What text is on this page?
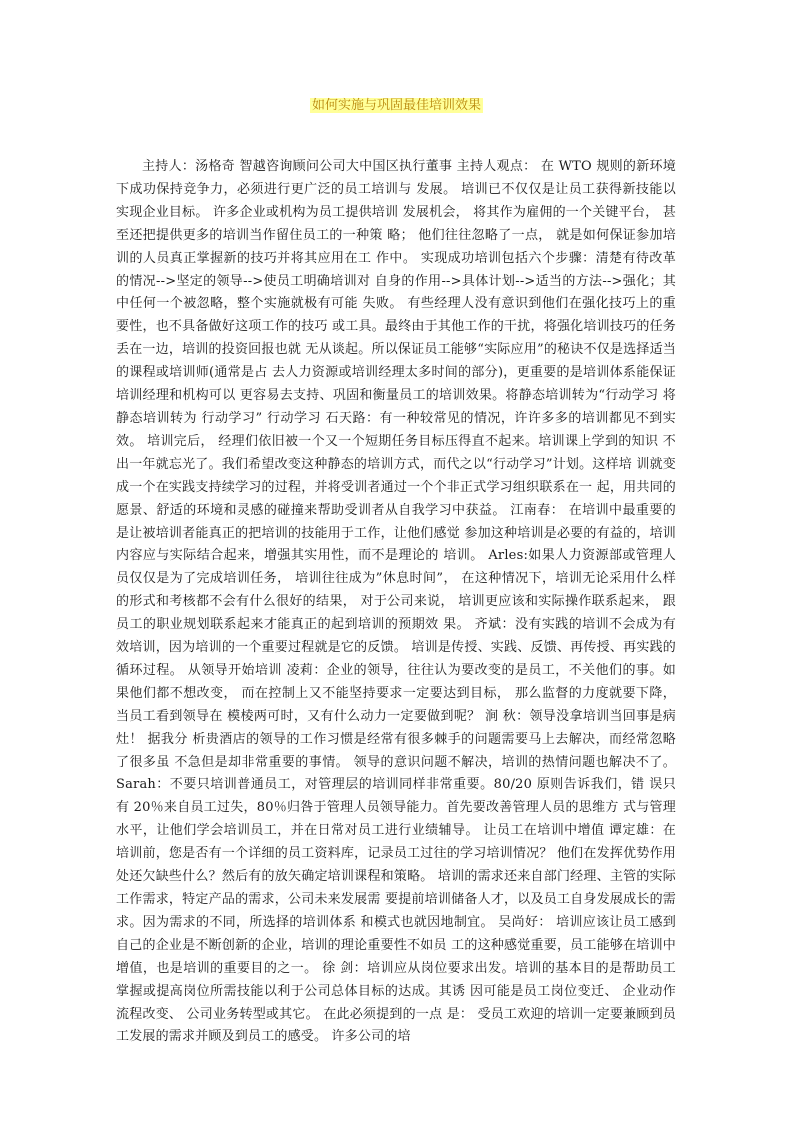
如何实施与巩固最佳培训效果

主持人：汤格奇 智越咨询顾问公司大中国区执行董事 主持人观点： 在 WTO 规则的新环境下成功保持竞争力，必须进行更广泛的员工培训与 发展。 培训已不仅仅是让员工获得新技能以实现企业目标。 许多企业或机构为员工提供培训 发展机会， 将其作为雇佣的一个关键平台， 甚至还把提供更多的培训当作留住员工的一种策 略； 他们往往忽略了一点， 就是如何保证参加培训的人员真正掌握新的技巧并将其应用在工 作中。 实现成功培训包括六个步骤：清楚有待改革的情况-->坚定的领导-->使员工明确培训对 自身的作用-->具体计划-->适当的方法-->强化；其中任何一个被忽略，整个实施就极有可能 失败。 有些经理人没有意识到他们在强化技巧上的重要性，也不具备做好这项工作的技巧 或工具。最终由于其他工作的干扰，将强化培训技巧的任务丢在一边，培训的投资回报也就 无从谈起。所以保证员工能够“实际应用”的秘诀不仅是选择适当的课程或培训师(通常是占 去人力资源或培训经理太多时间的部分)，更重要的是培训体系能保证培训经理和机构可以 更容易去支持、巩固和衡量员工的培训效果。将静态培训转为“行动学习 将静态培训转为 行动学习” 行动学习 石天路：有一种较常见的情况，许许多多的培训都见不到实效。 培训完后， 经理们依旧被一个又一个短期任务目标压得直不起来。培训课上学到的知识 不出一年就忘光了。我们希望改变这种静态的培训方式，而代之以“行动学习”计划。这样培 训就变成一个在实践支持续学习的过程，并将受训者通过一个个非正式学习组织联系在一 起，用共同的愿景、舒适的环境和灵感的碰撞来帮助受训者从自我学习中获益。 江南春： 在培训中最重要的是让被培训者能真正的把培训的技能用于工作，让他们感觉 参加这种培训是必要的有益的，培训内容应与实际结合起来，增强其实用性，而不是理论的 培训。 Arles:如果人力资源部或管理人员仅仅是为了完成培训任务， 培训往往成为”休息时间”， 在这种情况下，培训无论采用什么样的形式和考核都不会有什么很好的结果， 对于公司来说， 培训更应该和实际操作联系起来， 跟员工的职业规划联系起来才能真正的起到培训的预期效 果。 齐斌：没有实践的培训不会成为有效培训，因为培训的一个重要过程就是它的反馈。 培训是传授、实践、反馈、再传授、再实践的循环过程。 从领导开始培训 凌莉：企业的领导，往往认为要改变的是员工，不关他们的事。如果他们都不想改变， 而在控制上又不能坚持要求一定要达到目标， 那么监督的力度就要下降， 当员工看到领导在 模棱两可时，又有什么动力一定要做到呢？ 涧 秋：领导没拿培训当回事是病灶！ 据我分 析贵酒店的领导的工作习惯是经常有很多棘手的问题需要马上去解决，而经常忽略了很多虽 不急但是却非常重要的事情。 领导的意识问题不解决，培训的热情问题也解决不了。 Sarah：不要只培训普通员工，对管理层的培训同样非常重要。80/20 原则告诉我们，错 误只有 20％来自员工过失，80％归咎于管理人员领导能力。首先要改善管理人员的思维方 式与管理水平，让他们学会培训员工，并在日常对员工进行业绩辅导。 让员工在培训中增值 谭定雄：在培训前，您是否有一个详细的员工资料库，记录员工过往的学习培训情况？ 他们在发挥优势作用处还欠缺些什么？然后有的放矢确定培训课程和策略。 培训的需求还来自部门经理、主管的实际工作需求，特定产品的需求，公司未来发展需 要提前培训储备人才，以及员工自身发展成长的需求。因为需求的不同，所选择的培训体系 和模式也就因地制宜。 吴尚好： 培训应该让员工感到自己的企业是不断创新的企业，培训的理论重要性不如员 工的这种感觉重要，员工能够在培训中增值，也是培训的重要目的之一。 徐 剑：培训应从岗位要求出发。培训的基本目的是帮助员工掌握或提高岗位所需技能以利于公司总体目标的达成。其诱 因可能是员工岗位变迁、 企业动作流程改变、 公司业务转型或其它。 在此必须提到的一点 是： 受员工欢迎的培训一定要兼顾到员工发展的需求并顾及到员工的感受。 许多公司的培
